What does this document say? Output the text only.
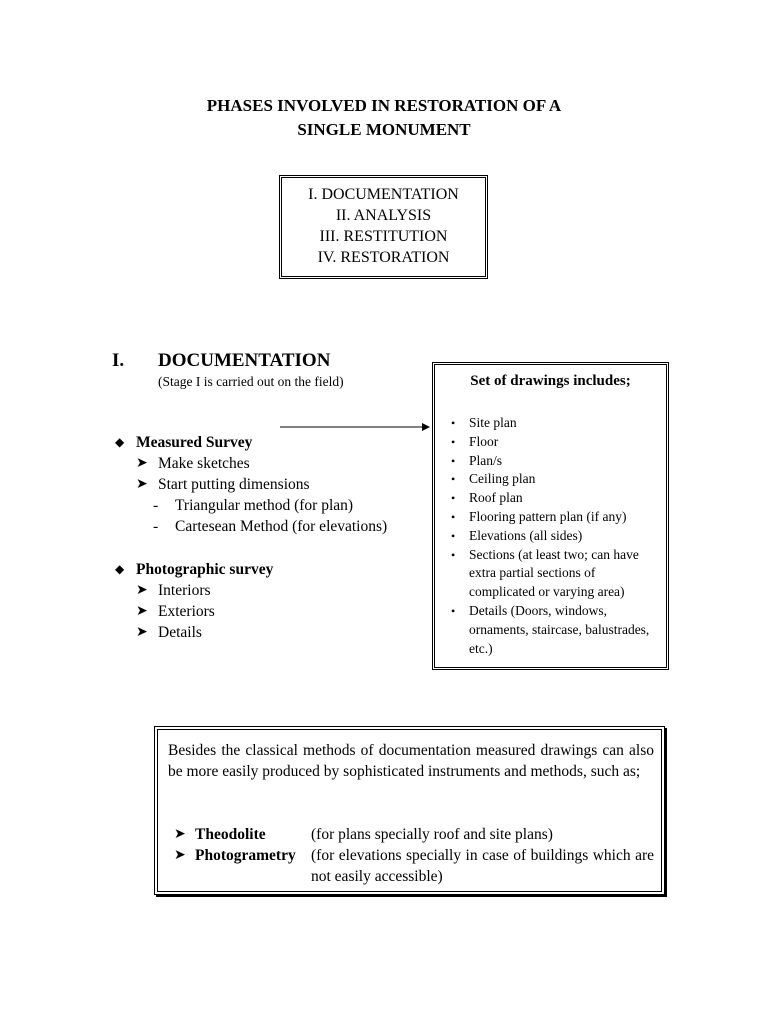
PHASES INVOLVED IN RESTORATION OF A
SINGLE MONUMENT
I. DOCUMENTATION
II. ANALYSIS
III. RESTITUTION
IV. RESTORATION
I. DOCUMENTATION
(Stage I is carried out on the field)
◆ Measured Survey
➤ Make sketches
➤ Start putting dimensions
- Triangular method (for plan)
- Cartesean Method (for elevations)
◆ Photographic survey
➤ Interiors
➤ Exteriors
➤ Details
Set of drawings includes;
• Site plan
• Floor
• Plan/s
• Ceiling plan
• Roof plan
• Flooring pattern plan (if any)
• Elevations (all sides)
• Sections (at least two; can have extra partial sections of complicated or varying area)
• Details (Doors, windows, ornaments, staircase, balustrades, etc.)
Besides the classical methods of documentation measured drawings can also be more easily produced by sophisticated instruments and methods, such as;
➤ Theodolite	(for plans specially roof and site plans)
➤ Photogrametry (for elevations specially in case of buildings which are not easily accessible)
